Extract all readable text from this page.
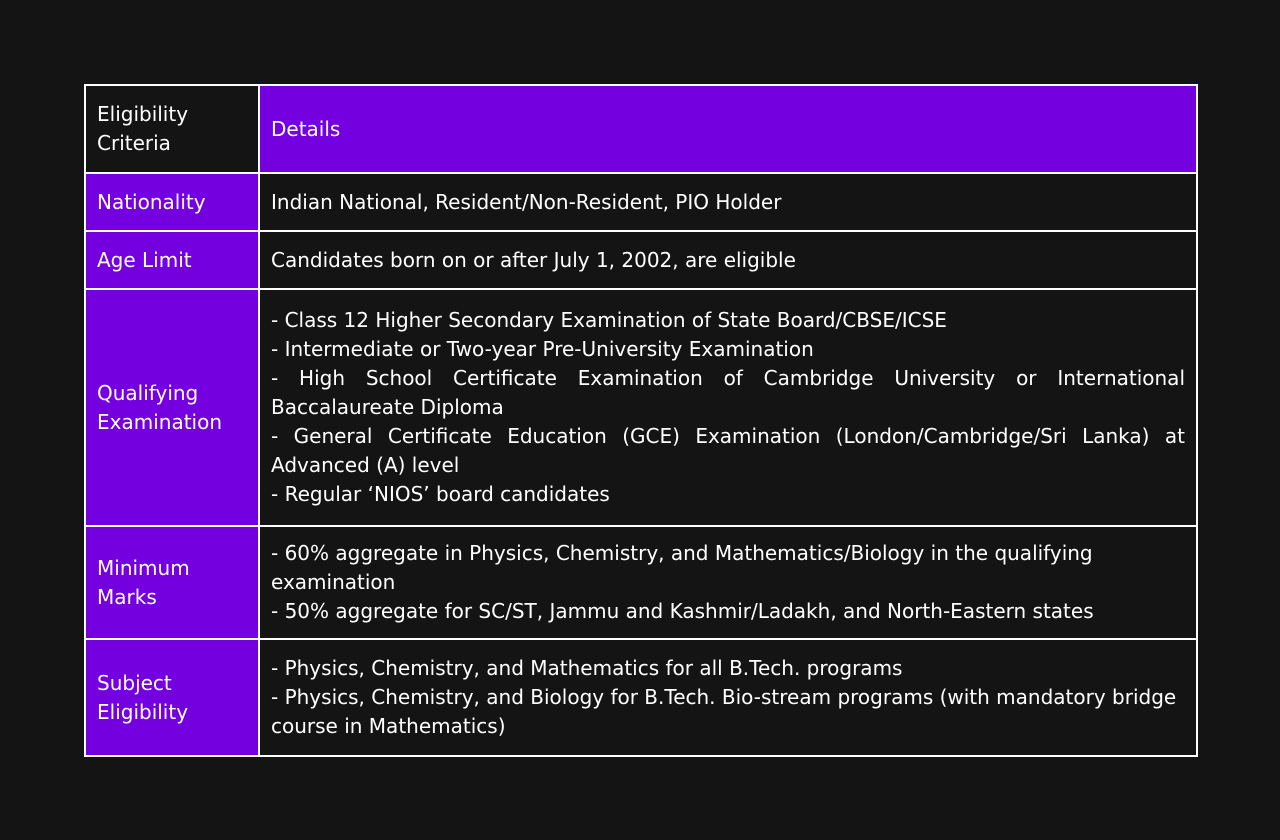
Eligibility Criteria	Details

Nationality	Indian National, Resident/Non-Resident, PIO Holder

Age Limit	Candidates born on or after July 1, 2002, are eligible

Qualifying Examination	- Class 12 Higher Secondary Examination of State Board/CBSE/ICSE
- Intermediate or Two-year Pre-University Examination
- High School Certificate Examination of Cambridge University or International Baccalaureate Diploma
- General Certificate Education (GCE) Examination (London/Cambridge/Sri Lanka) at Advanced (A) level
- Regular ‘NIOS’ board candidates

Minimum Marks	- 60% aggregate in Physics, Chemistry, and Mathematics/Biology in the qualifying examination
- 50% aggregate for SC/ST, Jammu and Kashmir/Ladakh, and North-Eastern states

Subject Eligibility	- Physics, Chemistry, and Mathematics for all B.Tech. programs
- Physics, Chemistry, and Biology for B.Tech. Bio-stream programs (with mandatory bridge course in Mathematics)
